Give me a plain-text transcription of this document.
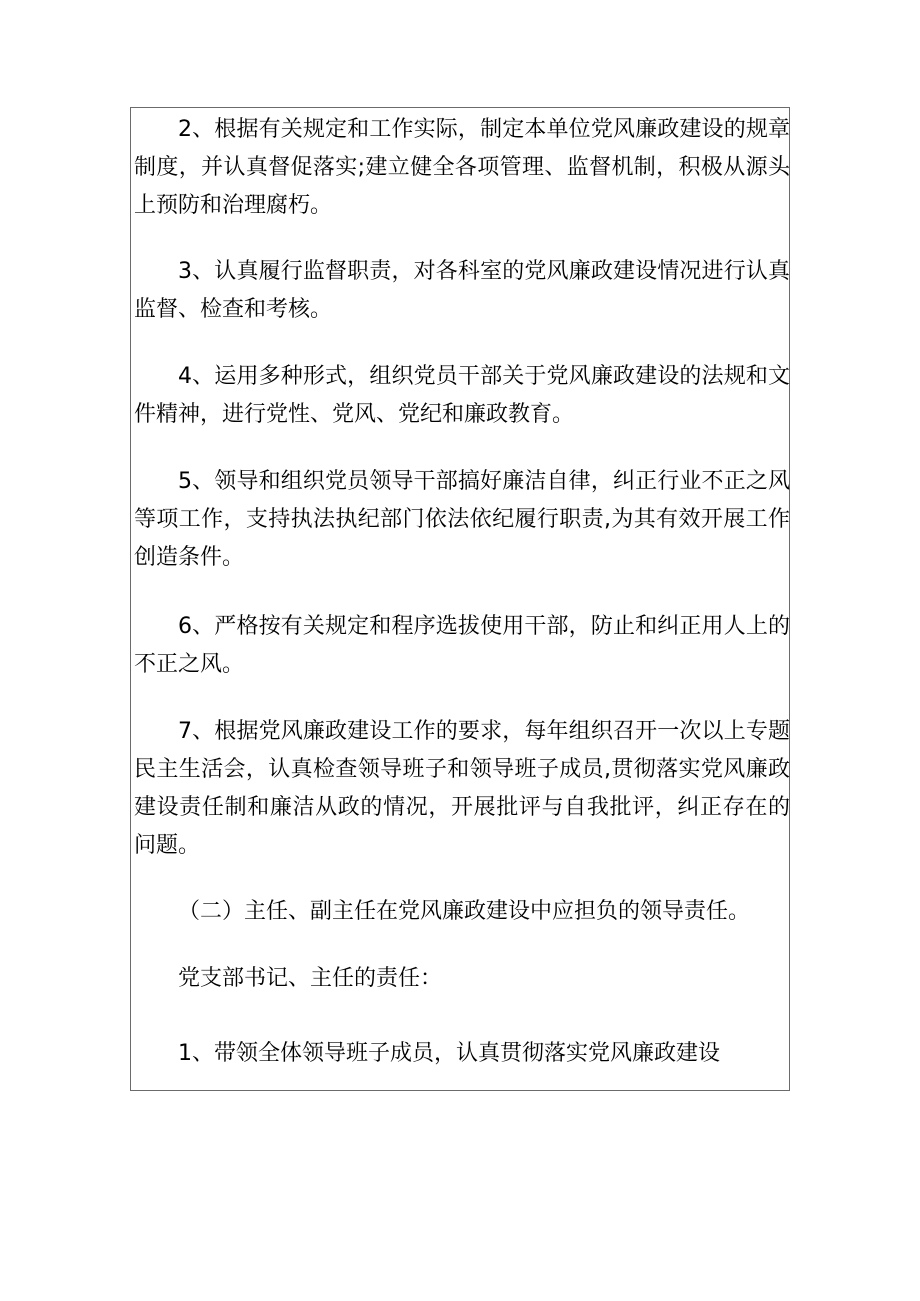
2、根据有关规定和工作实际，制定本单位党风廉政建设的规章制度，并认真督促落实;建立健全各项管理、监督机制，积极从源头上预防和治理腐朽。

3、认真履行监督职责，对各科室的党风廉政建设情况进行认真监督、检查和考核。

4、运用多种形式，组织党员干部关于党风廉政建设的法规和文件精神，进行党性、党风、党纪和廉政教育。

5、领导和组织党员领导干部搞好廉洁自律，纠正行业不正之风等项工作，支持执法执纪部门依法依纪履行职责,为其有效开展工作创造条件。

6、严格按有关规定和程序选拔使用干部，防止和纠正用人上的不正之风。

7、根据党风廉政建设工作的要求，每年组织召开一次以上专题民主生活会，认真检查领导班子和领导班子成员,贯彻落实党风廉政建设责任制和廉洁从政的情况，开展批评与自我批评，纠正存在的问题。

（二）主任、副主任在党风廉政建设中应担负的领导责任。

党支部书记、主任的责任：

1、带领全体领导班子成员，认真贯彻落实党风廉政建设
